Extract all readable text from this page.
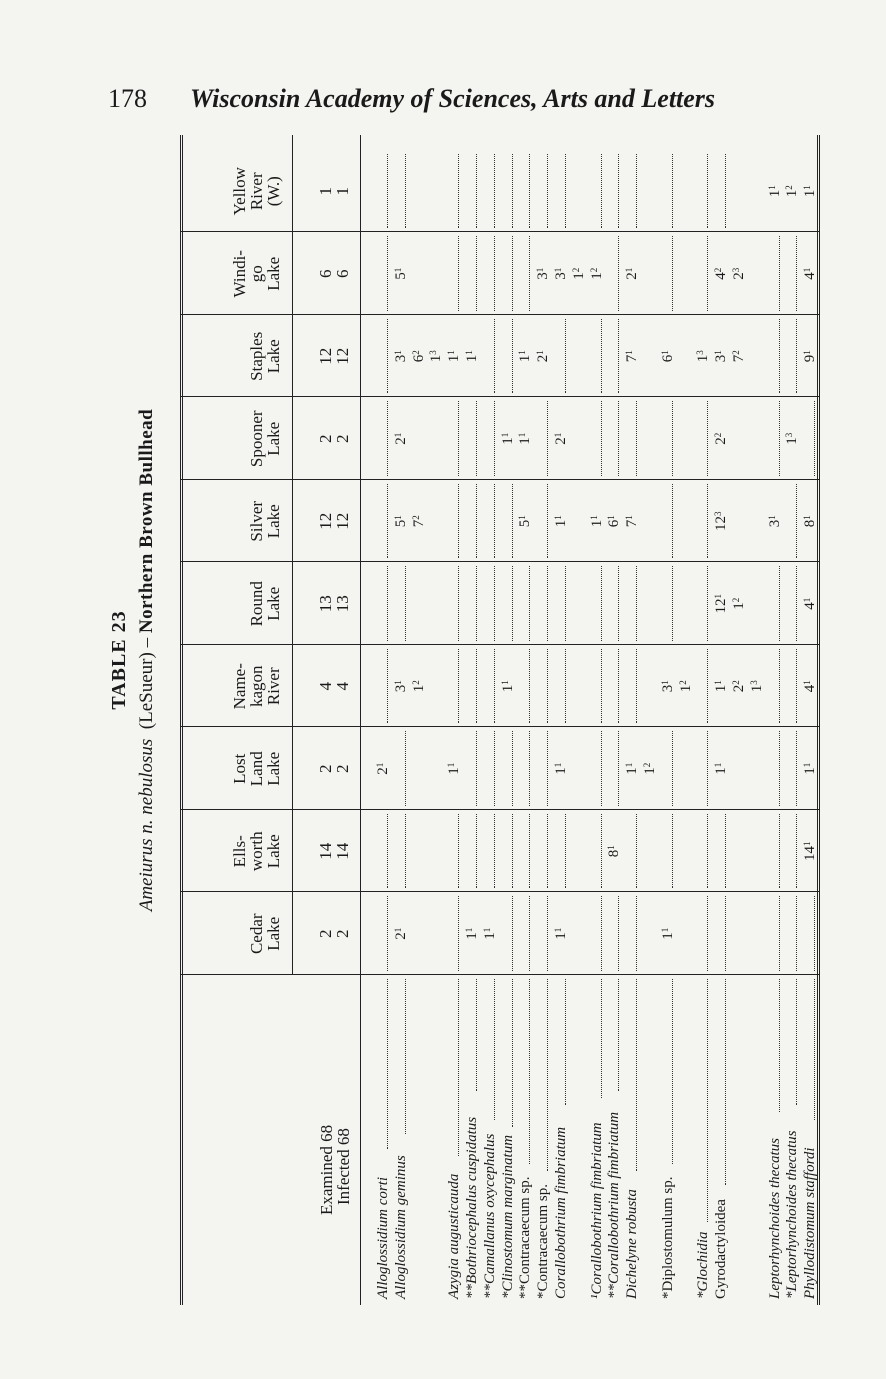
178 Wisconsin Academy of Sciences, Arts and Letters
TABLE 23
Ameiurus n. nebulosus  (LeSueur) – Northern Brown Bullhead
Examined 68
Infected 68
Cedar
Lake 2
2
Ells-
worth
Lake 14
14
Lost
Land
Lake 2
2
Name-
kagon
River 4
4
Round
Lake 13
13
Silver
Lake 12
12
Spooner
Lake 2
2
Staples
Lake 12
12
Windi-
go
Lake 6
6
Yellow
River
(W.) 1
1
Alloglossidium corti
$2^1$
Alloglossidium geminus
$2^1$
$3^1$
$5^1$
$2^1$
$3^1$
$5^1$
$1^2$
$7^2$
$6^2$
$1^3$
Azygia augusticauda
$1^1$
$1^1$
**Bothriocephalus cuspidatus
$1^1$
$1^1$
**Camallanus oxycephalus
$1^1$
*Clinostomum marginatum
$1^1$
$1^1$
**Contracaecum sp.
$5^1$
$1^1$
$1^1$
*Contracaecum sp.
$2^1$
$3^1$
Corallobothrium fimbriatum
$1^1$
$1^1$
$1^1$
$2^1$
$3^1$
$1^2$
¹Corallobothrium fimbriatum
$1^1$
$1^2$
**Corallobothrium fimbriatum
$8^1$
$6^1$
Dichelyne robusta
$1^1$
$7^1$
$7^1$
$2^1$
$1^2$
*Diplostomulum sp.
$1^1$
$3^1$
$6^1$
$1^2$
*Glochidia
$1^3$
Gyrodactyloidea
$1^1$
$1^1$
$12^1$
$12^3$
$2^2$
$3^1$
$4^2$
$2^2$
$1^2$
$7^2$
$2^3$
$1^3$
Leptorhynchoides thecatus
$3^1$
$1^1$
*Leptorhynchoides thecatus
$1^3$
$1^2$
Phyllodistomum staffordi
$14^1$
$1^1$
$4^1$
$4^1$
$8^1$
$9^1$
$4^1$
$1^1$
